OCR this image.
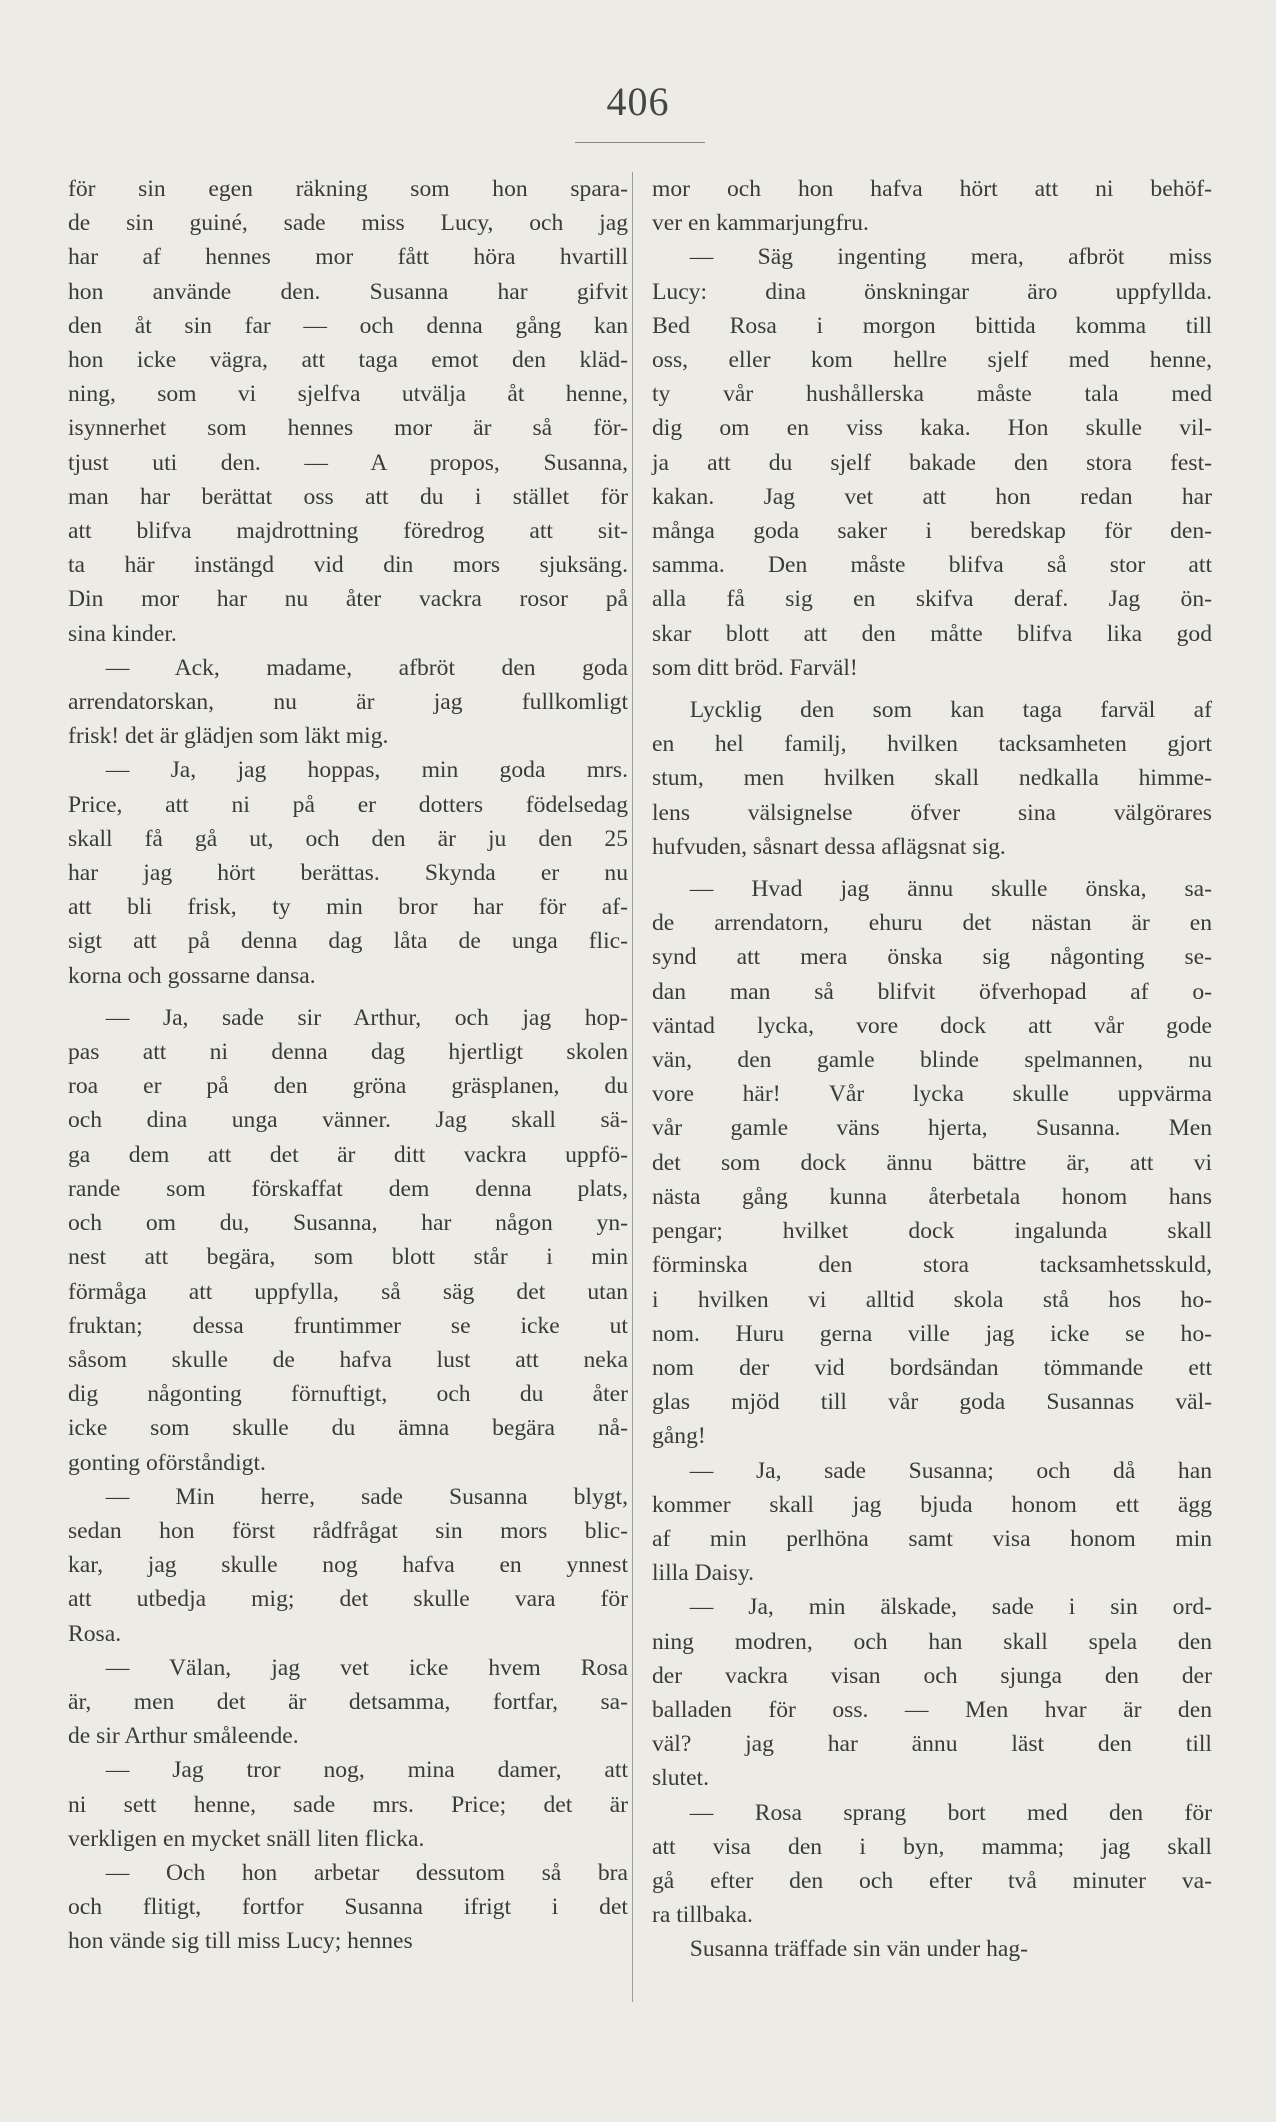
406

för sin egen räkning som hon spara-

de sin guiné, sade miss Lucy, och jag

har af hennes mor fått höra hvartill

hon använde den. Susanna har gifvit

den åt sin far — och denna gång kan

hon icke vägra, att taga emot den kläd-

ning, som vi sjelfva utvälja åt henne,

isynnerhet som hennes mor är så för-

tjust uti den. — A propos, Susanna,

man har berättat oss att du i stället för

att blifva majdrottning föredrog att sit-

ta här instängd vid din mors sjuksäng.

Din mor har nu åter vackra rosor på

sina kinder.

— Ack, madame, afbröt den goda

arrendatorskan, nu är jag fullkomligt

frisk! det är glädjen som läkt mig.

— Ja, jag hoppas, min goda mrs.

Price, att ni på er dotters födelsedag

skall få gå ut, och den är ju den 25

har jag hört berättas. Skynda er nu

att bli frisk, ty min bror har för af-

sigt att på denna dag låta de unga flic-

korna och gossarne dansa.

— Ja, sade sir Arthur, och jag hop-

pas att ni denna dag hjertligt skolen

roa er på den gröna gräsplanen, du

och dina unga vänner. Jag skall sä-

ga dem att det är ditt vackra uppfö-

rande som förskaffat dem denna plats,

och om du, Susanna, har någon yn-

nest att begära, som blott står i min

förmåga att uppfylla, så säg det utan

fruktan; dessa fruntimmer se icke ut

såsom skulle de hafva lust att neka

dig någonting förnuftigt, och du åter

icke som skulle du ämna begära nå-

gonting oförståndigt.

— Min herre, sade Susanna blygt,

sedan hon först rådfrågat sin mors blic-

kar, jag skulle nog hafva en ynnest

att utbedja mig; det skulle vara för

Rosa.

— Välan, jag vet icke hvem Rosa

är, men det är detsamma, fortfar, sa-

de sir Arthur småleende.

— Jag tror nog, mina damer, att

ni sett henne, sade mrs. Price; det är

verkligen en mycket snäll liten flicka.

— Och hon arbetar dessutom så bra

och flitigt, fortfor Susanna ifrigt i det

hon vände sig till miss Lucy; hennes

mor och hon hafva hört att ni behöf-

ver en kammarjungfru.

— Säg ingenting mera, afbröt miss

Lucy: dina önskningar äro uppfyllda.

Bed Rosa i morgon bittida komma till

oss, eller kom hellre sjelf med henne,

ty vår hushållerska måste tala med

dig om en viss kaka. Hon skulle vil-

ja att du sjelf bakade den stora fest-

kakan. Jag vet att hon redan har

många goda saker i beredskap för den-

samma. Den måste blifva så stor att

alla få sig en skifva deraf. Jag ön-

skar blott att den måtte blifva lika god

som ditt bröd. Farväl!

Lycklig den som kan taga farväl af

en hel familj, hvilken tacksamheten gjort

stum, men hvilken skall nedkalla himme-

lens välsignelse öfver sina välgörares

hufvuden, såsnart dessa aflägsnat sig.

— Hvad jag ännu skulle önska, sa-

de arrendatorn, ehuru det nästan är en

synd att mera önska sig någonting se-

dan man så blifvit öfverhopad af o-

väntad lycka, vore dock att vår gode

vän, den gamle blinde spelmannen, nu

vore här! Vår lycka skulle uppvärma

vår gamle väns hjerta, Susanna. Men

det som dock ännu bättre är, att vi

nästa gång kunna återbetala honom hans

pengar; hvilket dock ingalunda skall

förminska den stora tacksamhetsskuld,

i hvilken vi alltid skola stå hos ho-

nom. Huru gerna ville jag icke se ho-

nom der vid bordsändan tömmande ett

glas mjöd till vår goda Susannas väl-

gång!

— Ja, sade Susanna; och då han

kommer skall jag bjuda honom ett ägg

af min perlhöna samt visa honom min

lilla Daisy.

— Ja, min älskade, sade i sin ord-

ning modren, och han skall spela den

der vackra visan och sjunga den der

balladen för oss. — Men hvar är den

väl? jag har ännu läst den till

slutet.

— Rosa sprang bort med den för

att visa den i byn, mamma; jag skall

gå efter den och efter två minuter va-

ra tillbaka.

Susanna träffade sin vän under hag-
